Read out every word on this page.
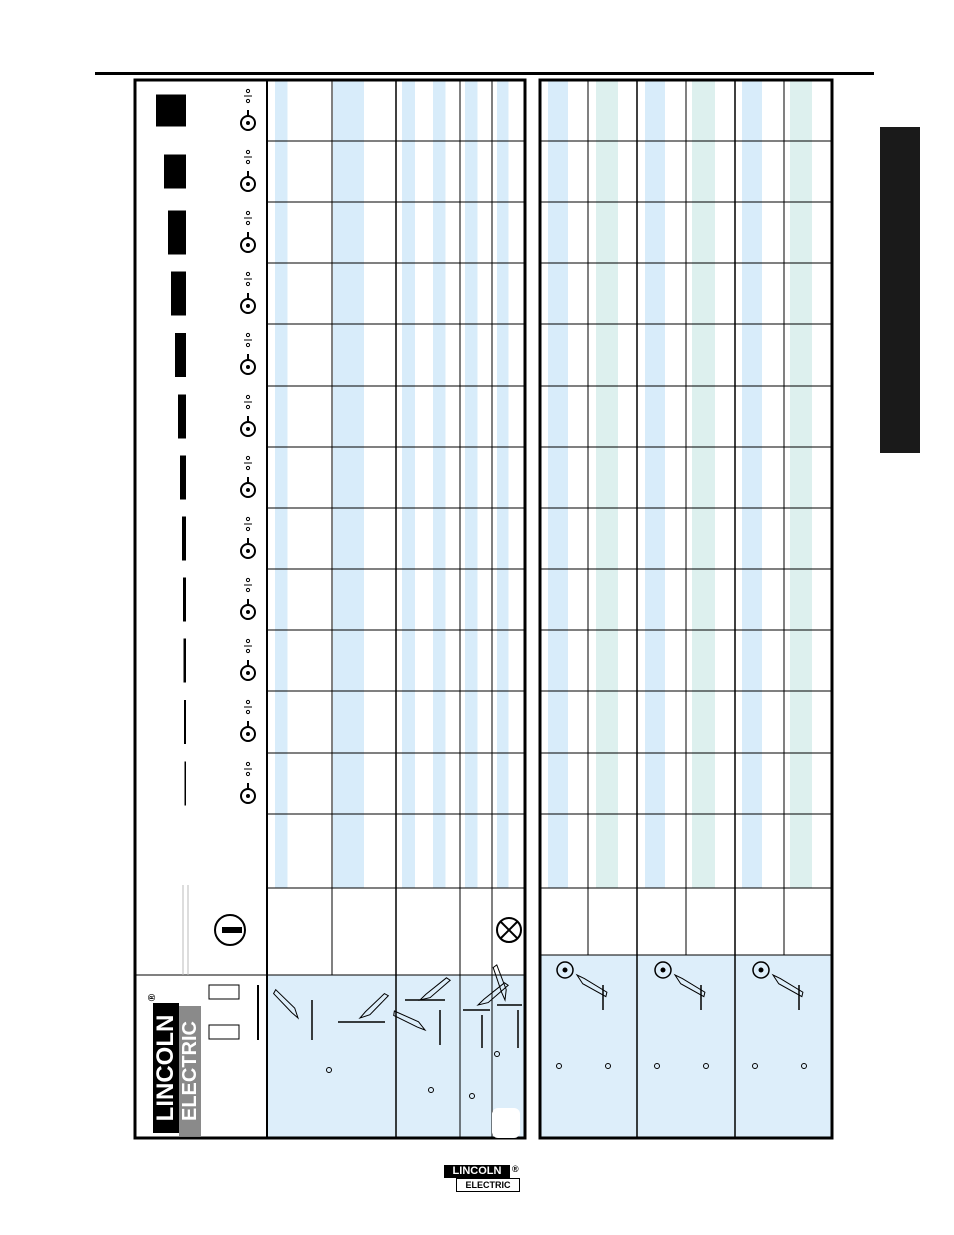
LINCOLN ELECTRIC
®
LINCOLN
ELECTRIC
®
